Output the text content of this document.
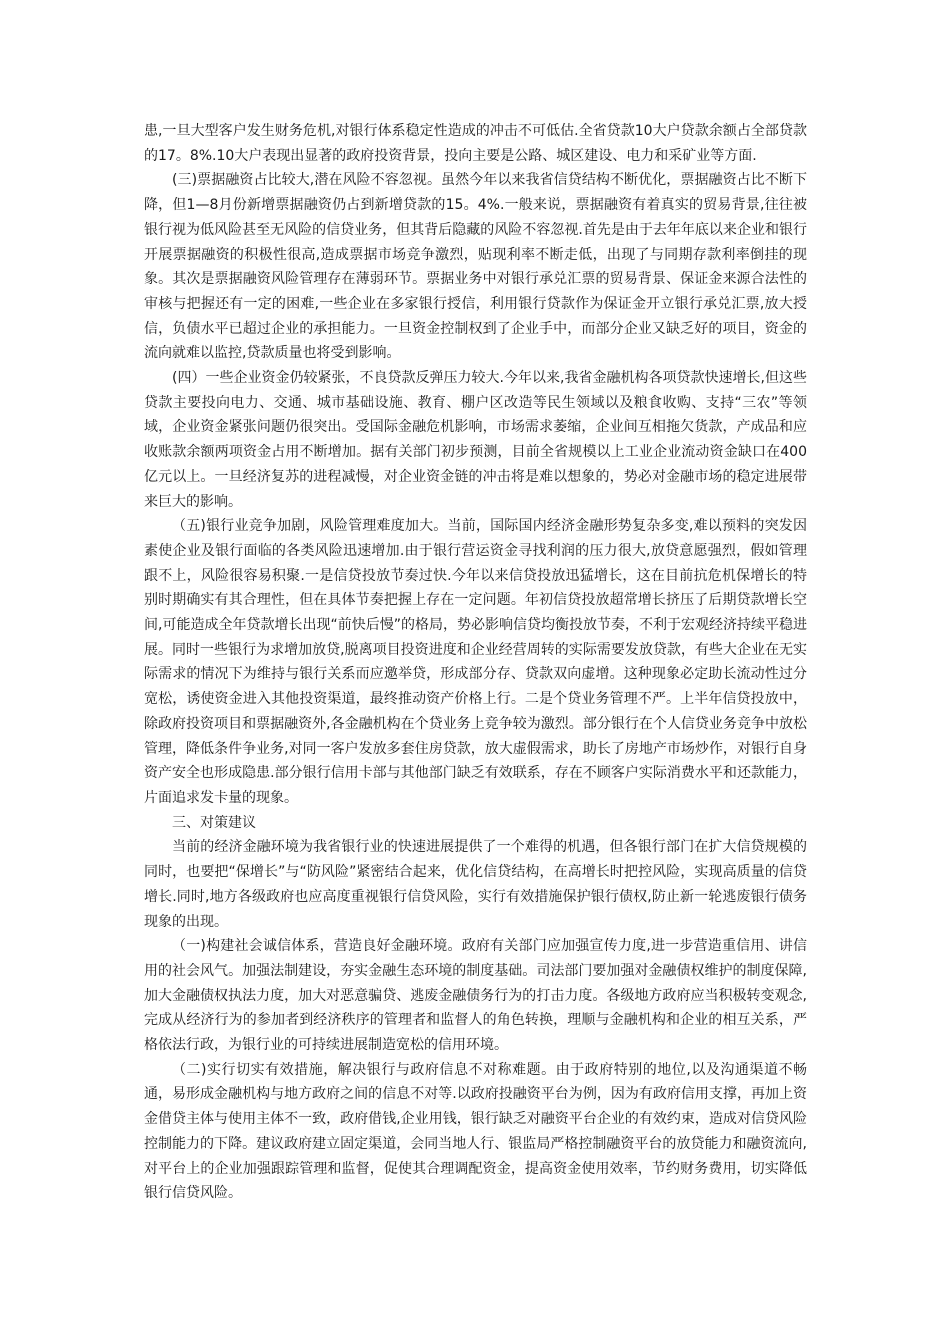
患,一旦大型客户发生财务危机,对银行体系稳定性造成的冲击不可低估.全省贷款10大户贷款余额占全部贷款的17。8%.10大户表现出显著的政府投资背景，投向主要是公路、城区建设、电力和采矿业等方面.

(三)票据融资占比较大,潜在风险不容忽视。虽然今年以来我省信贷结构不断优化，票据融资占比不断下降，但1—8月份新增票据融资仍占到新增贷款的15。4%.一般来说，票据融资有着真实的贸易背景,往往被银行视为低风险甚至无风险的信贷业务，但其背后隐藏的风险不容忽视.首先是由于去年年底以来企业和银行开展票据融资的积极性很高,造成票据市场竞争激烈，贴现利率不断走低，出现了与同期存款利率倒挂的现象。其次是票据融资风险管理存在薄弱环节。票据业务中对银行承兑汇票的贸易背景、保证金来源合法性的审核与把握还有一定的困难,一些企业在多家银行授信，利用银行贷款作为保证金开立银行承兑汇票,放大授信，负债水平已超过企业的承担能力。一旦资金控制权到了企业手中，而部分企业又缺乏好的项目，资金的流向就难以监控,贷款质量也将受到影响。

(四）一些企业资金仍较紧张，不良贷款反弹压力较大.今年以来,我省金融机构各项贷款快速增长,但这些贷款主要投向电力、交通、城市基础设施、教育、棚户区改造等民生领域以及粮食收购、支持“三农”等领域，企业资金紧张问题仍很突出。受国际金融危机影响，市场需求萎缩，企业间互相拖欠货款，产成品和应收账款余额两项资金占用不断增加。据有关部门初步预测，目前全省规模以上工业企业流动资金缺口在400亿元以上。一旦经济复苏的进程减慢，对企业资金链的冲击将是难以想象的，势必对金融市场的稳定进展带来巨大的影响。

（五)银行业竞争加剧，风险管理难度加大。当前，国际国内经济金融形势复杂多变,难以预料的突发因素使企业及银行面临的各类风险迅速增加.由于银行营运资金寻找利润的压力很大,放贷意愿强烈，假如管理跟不上，风险很容易积聚.一是信贷投放节奏过快.今年以来信贷投放迅猛增长，这在目前抗危机保增长的特别时期确实有其合理性，但在具体节奏把握上存在一定问题。年初信贷投放超常增长挤压了后期贷款增长空间,可能造成全年贷款增长出现“前快后慢”的格局，势必影响信贷均衡投放节奏，不利于宏观经济持续平稳进展。同时一些银行为求增加放贷,脱离项目投资进度和企业经营周转的实际需要发放贷款，有些大企业在无实际需求的情况下为维持与银行关系而应邀举贷，形成部分存、贷款双向虚增。这种现象必定助长流动性过分宽松，诱使资金进入其他投资渠道，最终推动资产价格上行。二是个贷业务管理不严。上半年信贷投放中，除政府投资项目和票据融资外,各金融机构在个贷业务上竞争较为激烈。部分银行在个人信贷业务竞争中放松管理，降低条件争业务,对同一客户发放多套住房贷款，放大虚假需求，助长了房地产市场炒作，对银行自身资产安全也形成隐患.部分银行信用卡部与其他部门缺乏有效联系，存在不顾客户实际消费水平和还款能力，片面追求发卡量的现象。

三、对策建议

当前的经济金融环境为我省银行业的快速进展提供了一个难得的机遇，但各银行部门在扩大信贷规模的同时，也要把“保增长”与“防风险”紧密结合起来，优化信贷结构，在高增长时把控风险，实现高质量的信贷增长.同时,地方各级政府也应高度重视银行信贷风险，实行有效措施保护银行债权,防止新一轮逃废银行债务现象的出现。

（一)构建社会诚信体系，营造良好金融环境。政府有关部门应加强宣传力度,进一步营造重信用、讲信用的社会风气。加强法制建设，夯实金融生态环境的制度基础。司法部门要加强对金融债权维护的制度保障,加大金融债权执法力度，加大对恶意骗贷、逃废金融债务行为的打击力度。各级地方政府应当积极转变观念,完成从经济行为的参加者到经济秩序的管理者和监督人的角色转换，理顺与金融机构和企业的相互关系，严格依法行政，为银行业的可持续进展制造宽松的信用环境。

（二)实行切实有效措施，解决银行与政府信息不对称难题。由于政府特别的地位,以及沟通渠道不畅通，易形成金融机构与地方政府之间的信息不对等.以政府投融资平台为例，因为有政府信用支撑，再加上资金借贷主体与使用主体不一致，政府借钱,企业用钱，银行缺乏对融资平台企业的有效约束，造成对信贷风险控制能力的下降。建议政府建立固定渠道，会同当地人行、银监局严格控制融资平台的放贷能力和融资流向,对平台上的企业加强跟踪管理和监督，促使其合理调配资金，提高资金使用效率，节约财务费用，切实降低银行信贷风险。
